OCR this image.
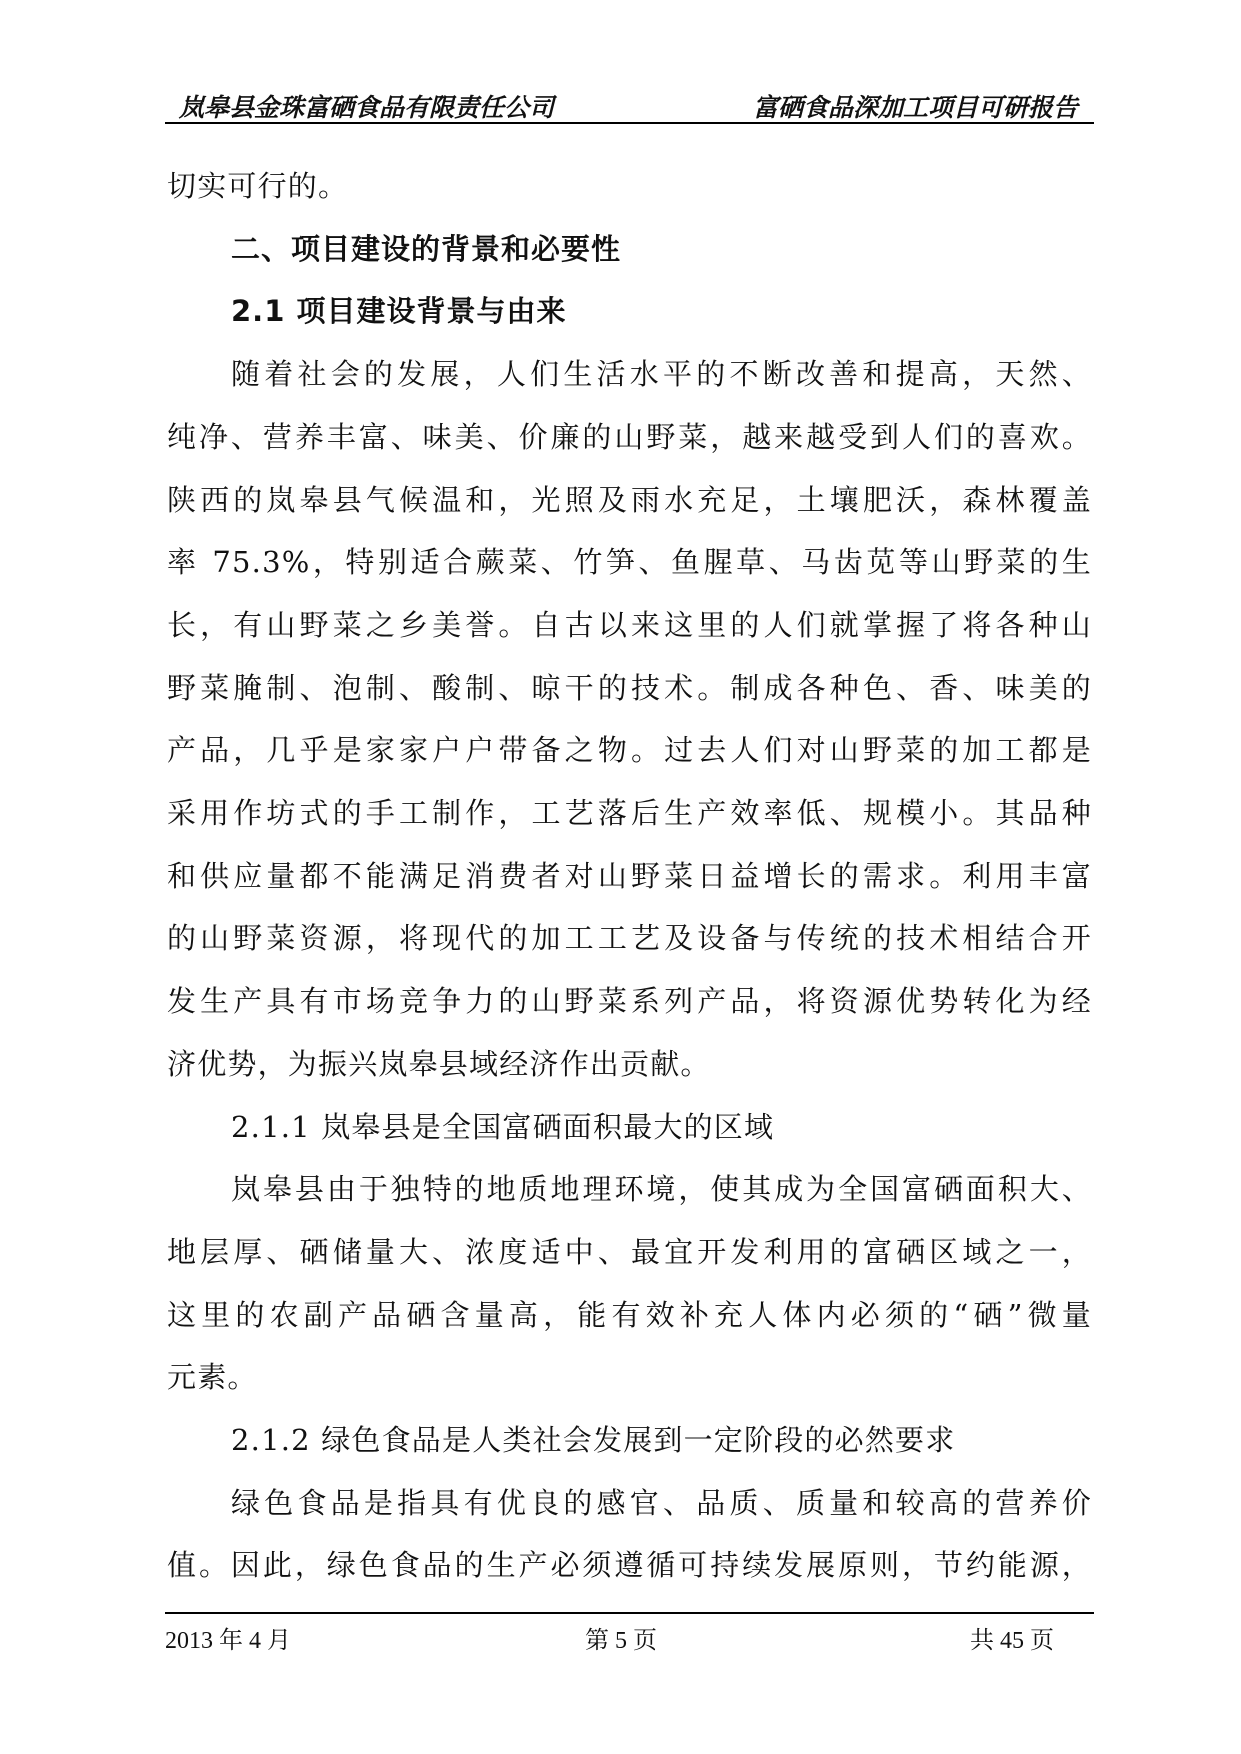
岚皋县金珠富硒食品有限责任公司	富硒食品深加工项目可研报告

切实可行的。

二、项目建设的背景和必要性

2.1 项目建设背景与由来

随着社会的发展，人们生活水平的不断改善和提高，天然、

纯净、营养丰富、味美、价廉的山野菜，越来越受到人们的喜欢。

陕西的岚皋县气候温和，光照及雨水充足，土壤肥沃，森林覆盖

率 75.3%，特别适合蕨菜、竹笋、鱼腥草、马齿苋等山野菜的生

长，有山野菜之乡美誉。自古以来这里的人们就掌握了将各种山

野菜腌制、泡制、酸制、晾干的技术。制成各种色、香、味美的

产品，几乎是家家户户带备之物。过去人们对山野菜的加工都是

采用作坊式的手工制作，工艺落后生产效率低、规模小。其品种

和供应量都不能满足消费者对山野菜日益增长的需求。利用丰富

的山野菜资源，将现代的加工工艺及设备与传统的技术相结合开

发生产具有市场竞争力的山野菜系列产品，将资源优势转化为经

济优势，为振兴岚皋县域经济作出贡献。

2.1.1 岚皋县是全国富硒面积最大的区域

岚皋县由于独特的地质地理环境，使其成为全国富硒面积大、

地层厚、硒储量大、浓度适中、最宜开发利用的富硒区域之一，

这里的农副产品硒含量高，能有效补充人体内必须的“硒”微量

元素。

2.1.2 绿色食品是人类社会发展到一定阶段的必然要求

绿色食品是指具有优良的感官、品质、质量和较高的营养价

值。因此，绿色食品的生产必须遵循可持续发展原则，节约能源，

2013 年 4 月	第 5 页	共 45 页
